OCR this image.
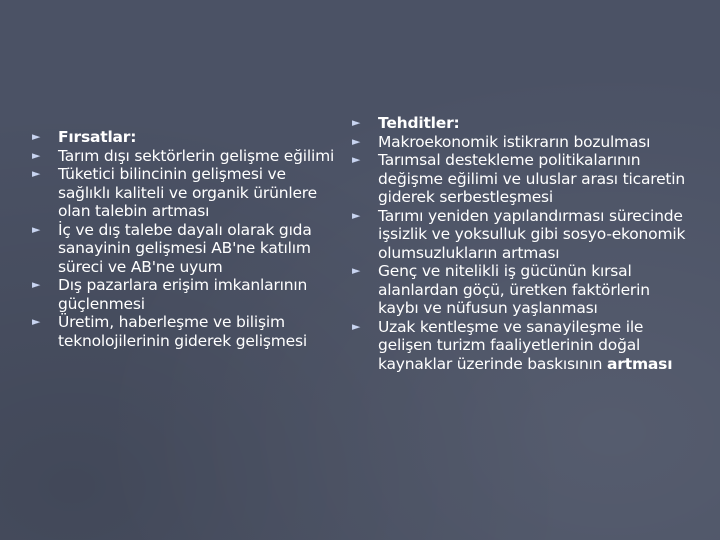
► Fırsatlar:
► Tarım dışı sektörlerin gelişme eğilimi
► Tüketici bilincinin gelişmesi ve sağlıklı kaliteli ve organik ürünlere olan talebin artması
► İç ve dış talebe dayalı olarak gıda sanayinin gelişmesi AB'ne katılım süreci ve AB'ne uyum
► Dış pazarlara erişim imkanlarının güçlenmesi
► Üretim, haberleşme ve bilişim teknolojilerinin giderek gelişmesi
► Tehditler:
► Makroekonomik istikrarın bozulması
► Tarımsal destekleme politikalarının değişme eğilimi ve uluslar arası ticaretin giderek serbestleşmesi
► Tarımı yeniden yapılandırması sürecinde işsizlik ve yoksulluk gibi sosyo-ekonomik olumsuzlukların artması
► Genç ve nitelikli iş gücünün kırsal alanlardan göçü, üretken faktörlerin kaybı ve nüfusun yaşlanması
► Uzak kentleşme ve sanayileşme ile gelişen turizm faaliyetlerinin doğal kaynaklar üzerinde baskısının artması
